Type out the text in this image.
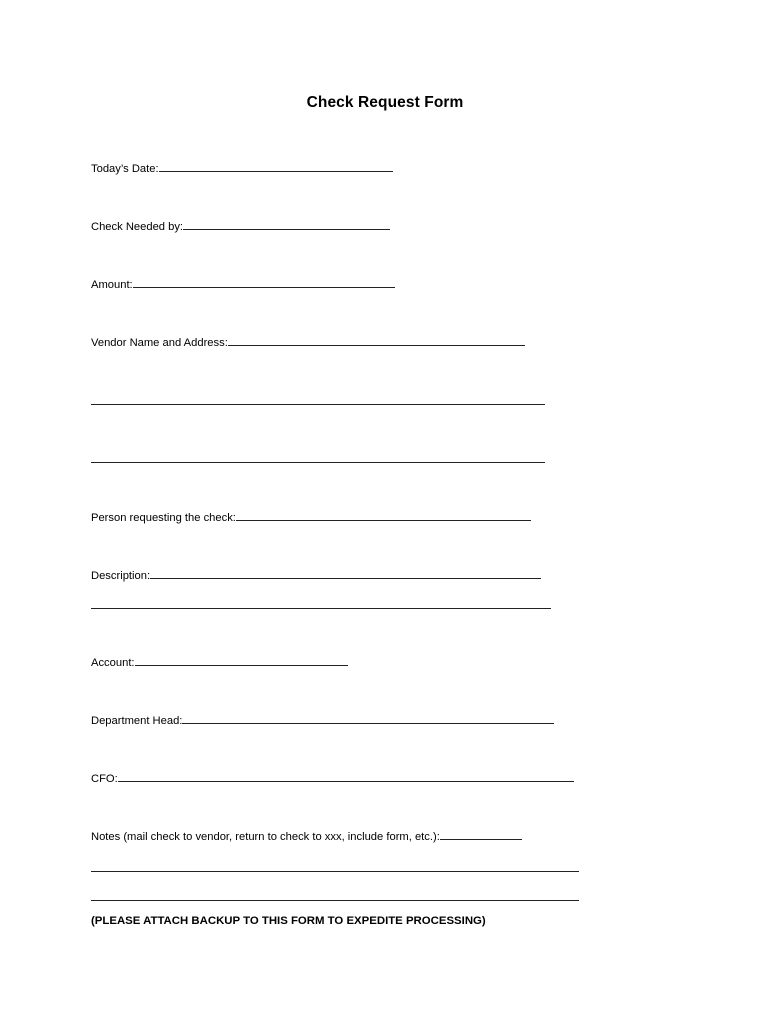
Check Request Form
Today’s Date:
Check Needed by:
Amount:
Vendor Name and Address:
Person requesting the check:
Description:
Account:
Department Head:
CFO:
Notes (mail check to vendor, return to check to xxx, include form, etc.):
(PLEASE ATTACH BACKUP TO THIS FORM TO EXPEDITE PROCESSING)
